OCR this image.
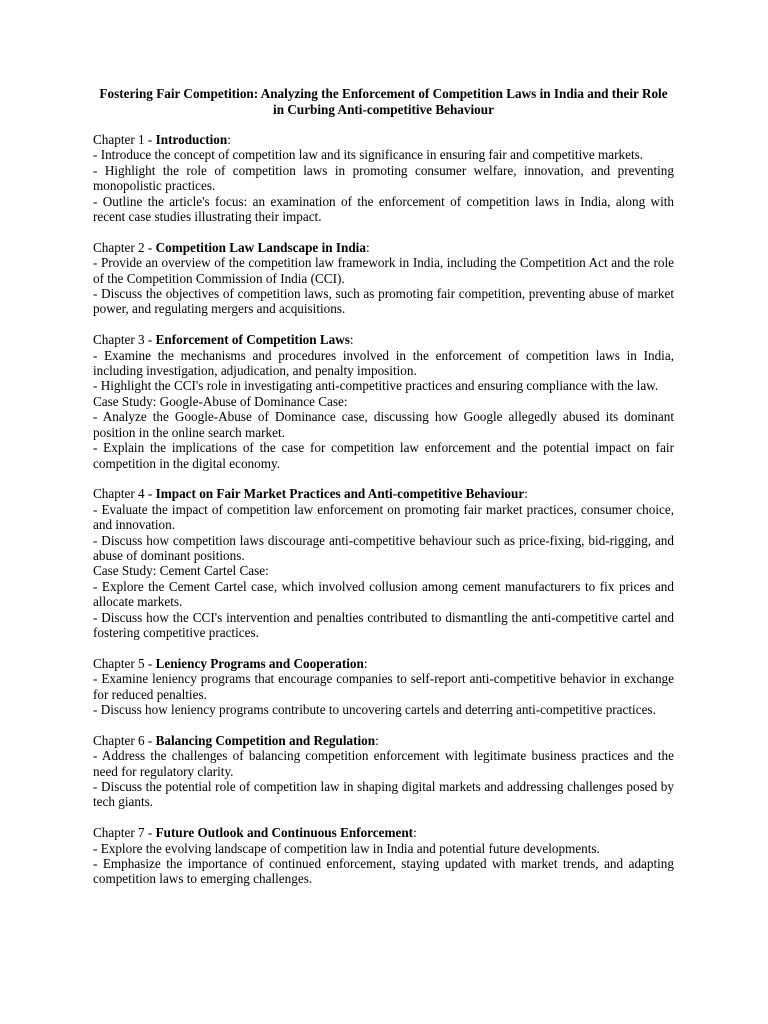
Fostering Fair Competition: Analyzing the Enforcement of Competition Laws in India and their Role in Curbing Anti-competitive Behaviour

Chapter 1 - Introduction:

- Introduce the concept of competition law and its significance in ensuring fair and competitive markets.

- Highlight the role of competition laws in promoting consumer welfare, innovation, and preventing monopolistic practices.

- Outline the article's focus: an examination of the enforcement of competition laws in India, along with recent case studies illustrating their impact.

Chapter 2 - Competition Law Landscape in India:

- Provide an overview of the competition law framework in India, including the Competition Act and the role of the Competition Commission of India (CCI).

- Discuss the objectives of competition laws, such as promoting fair competition, preventing abuse of market power, and regulating mergers and acquisitions.

Chapter 3 - Enforcement of Competition Laws:

- Examine the mechanisms and procedures involved in the enforcement of competition laws in India, including investigation, adjudication, and penalty imposition.

- Highlight the CCI's role in investigating anti-competitive practices and ensuring compliance with the law.

Case Study: Google-Abuse of Dominance Case:

- Analyze the Google-Abuse of Dominance case, discussing how Google allegedly abused its dominant position in the online search market.

- Explain the implications of the case for competition law enforcement and the potential impact on fair competition in the digital economy.

Chapter 4 - Impact on Fair Market Practices and Anti-competitive Behaviour:

- Evaluate the impact of competition law enforcement on promoting fair market practices, consumer choice, and innovation.

- Discuss how competition laws discourage anti-competitive behaviour such as price-fixing, bid-rigging, and abuse of dominant positions.

Case Study: Cement Cartel Case:

- Explore the Cement Cartel case, which involved collusion among cement manufacturers to fix prices and allocate markets.

- Discuss how the CCI's intervention and penalties contributed to dismantling the anti-competitive cartel and fostering competitive practices.

Chapter 5 - Leniency Programs and Cooperation:

- Examine leniency programs that encourage companies to self-report anti-competitive behavior in exchange for reduced penalties.

- Discuss how leniency programs contribute to uncovering cartels and deterring anti-competitive practices.

Chapter 6 - Balancing Competition and Regulation:

- Address the challenges of balancing competition enforcement with legitimate business practices and the need for regulatory clarity.

- Discuss the potential role of competition law in shaping digital markets and addressing challenges posed by tech giants.

Chapter 7 - Future Outlook and Continuous Enforcement:

- Explore the evolving landscape of competition law in India and potential future developments.

- Emphasize the importance of continued enforcement, staying updated with market trends, and adapting competition laws to emerging challenges.
